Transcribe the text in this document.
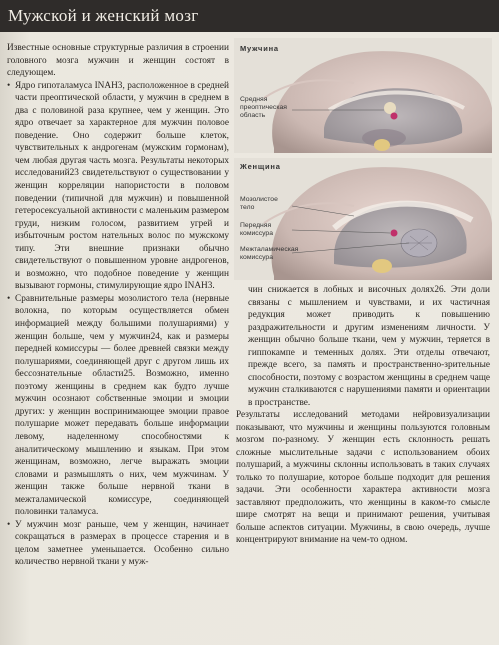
Мужской и женский мозг

Известные основные структурные различия в строении головного мозга мужчин и женщин состоят в следующем.

• Ядро гипоталамуса INAH3, расположенное в средней части преоптической области, у мужчин в среднем в два с половиной раза крупнее, чем у женщин. Это ядро отвечает за характерное для мужчин половое поведение. Оно содержит больше клеток, чувствительных к андрогенам (мужским гормонам), чем любая другая часть мозга. Результаты некоторых исследований23 свидетельствуют о существовании у женщин корреляции напористости в половом поведении (типичной для мужчин) и повышенной гетеросексуальной активности с маленьким размером груди, низким голосом, развитием угрей и избыточным ростом нательных волос по мужскому типу. Эти внешние признаки обычно свидетельствуют о повышенном уровне андрогенов, и возможно, что подобное поведение у женщин вызывают гормоны, стимулирующие ядро INAH3.
• Сравнительные размеры мозолистого тела (нервные волокна, по которым осуществляется обмен информацией между большими полушариями) у женщин больше, чем у мужчин24, как и размеры передней комиссуры — более древней связки между полушариями, соединяющей друг с другом лишь их бессознательные области25. Возможно, именно поэтому женщины в среднем как будто лучше мужчин осознают собственные эмоции и эмоции других: у женщин воспринимающее эмоции правое полушарие может передавать больше информации левому, наделенному способностями к аналитическому мышлению и языкам. При этом женщинам, возможно, легче выражать эмоции словами и размышлять о них, чем мужчинам. У женщин также больше нервной ткани в межталамической комиссуре, соединяющей половинки таламуса.
• У мужчин мозг раньше, чем у женщин, начинает сокращаться в размерах в процессе старения и в целом заметнее уменьшается. Особенно сильно количество нервной ткани у муж-
Мужчина
Женщина
Средняя преоптическая область
Мозолистое тело
Передняя комиссура
Межталамическая комиссура

чин снижается в лобных и височных долях26. Эти доли связаны с мышлением и чувствами, и их частичная редукция может приводить к повышению раздражительности и другим изменениям личности. У женщин обычно больше ткани, чем у мужчин, теряется в гиппокампе и теменных долях. Эти отделы отвечают, прежде всего, за память и пространственно-зрительные способности, поэтому с возрастом женщины в среднем чаще мужчин сталкиваются с нарушениями памяти и ориентации в пространстве.

Результаты исследований методами нейровизуализации показывают, что мужчины и женщины пользуются головным мозгом по-разному. У женщин есть склонность решать сложные мыслительные задачи с использованием обоих полушарий, а мужчины склонны использовать в таких случаях только то полушарие, которое больше подходит для решения задачи. Эти особенности характера активности мозга заставляют предположить, что женщины в каком-то смысле шире смотрят на вещи и принимают решения, учитывая больше аспектов ситуации. Мужчины, в свою очередь, лучше концентрируют внимание на чем-то одном.
